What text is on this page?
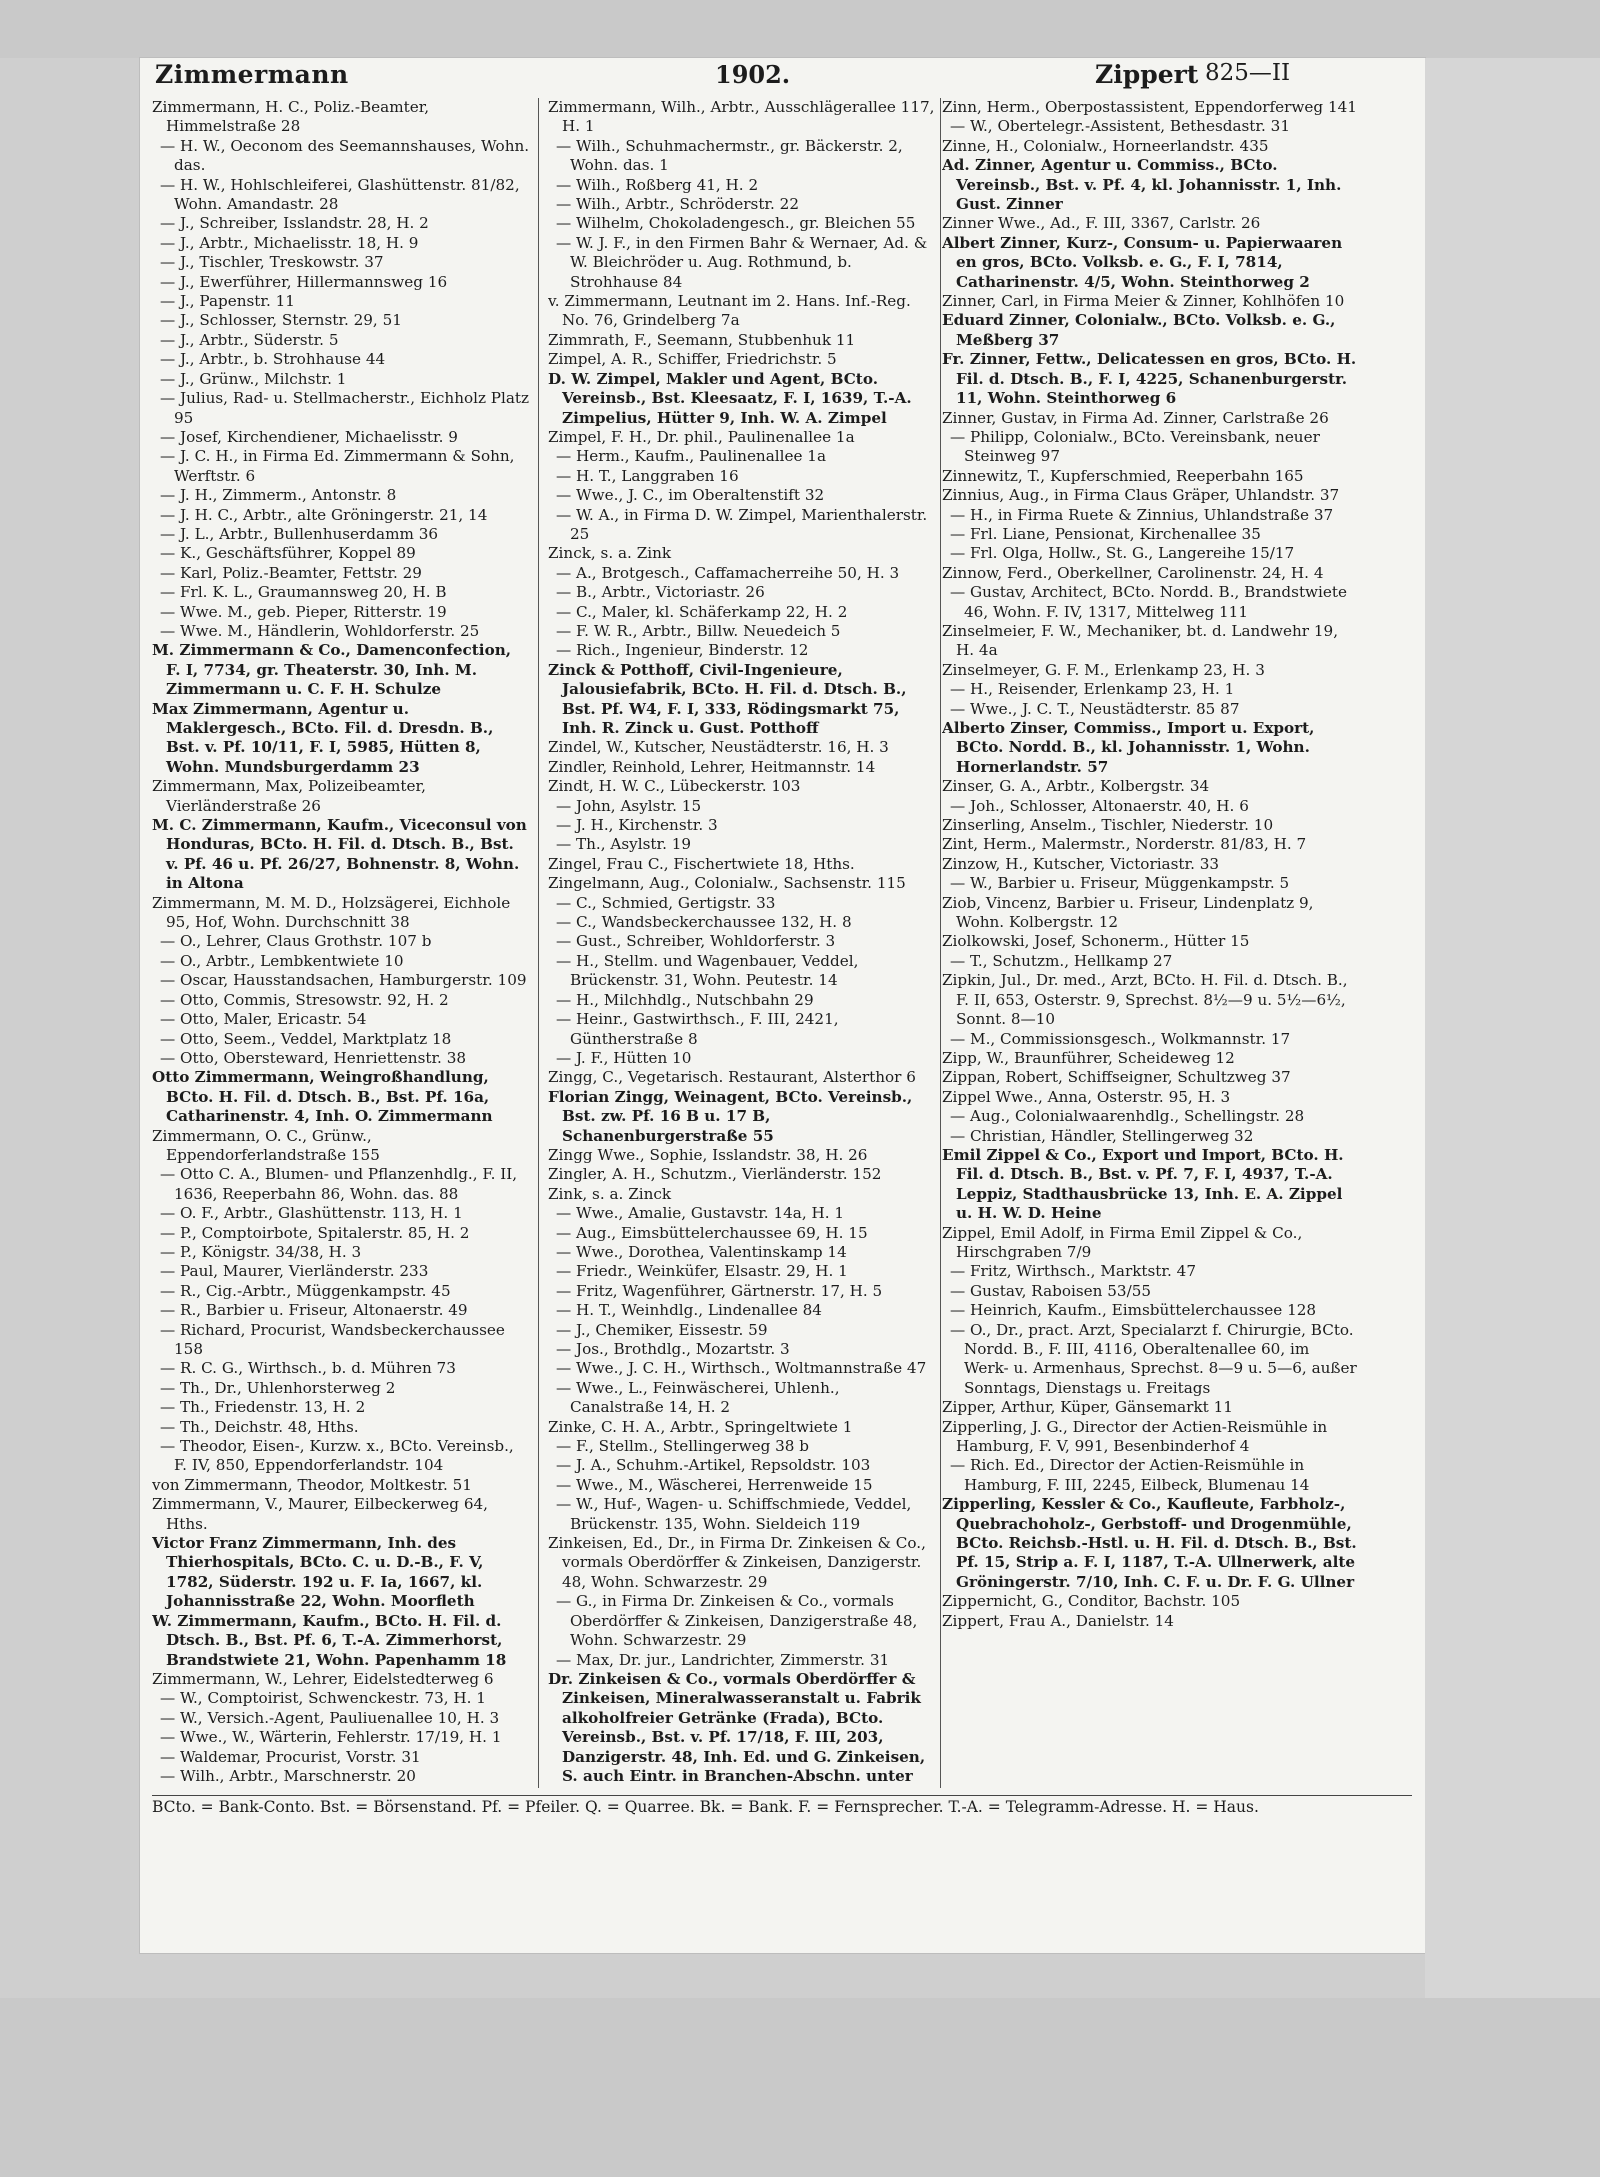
Zimmermann	1902.	Zippert 825—II

Zimmermann, H. C., Poliz.-Beamter, Himmelstraße 28

— H. W., Oeconom des Seemannshauses, Wohn. das.

— H. W., Hohlschleiferei, Glashüttenstr. 81/82, Wohn. Amandastr. 28

— J., Schreiber, Isslandstr. 28, H. 2

— J., Arbtr., Michaelisstr. 18, H. 9

— J., Tischler, Treskowstr. 37

— J., Ewerführer, Hillermannsweg 16

— J., Papenstr. 11

— J., Schlosser, Sternstr. 29, 51

— J., Arbtr., Süderstr. 5

— J., Arbtr., b. Strohhause 44

— J., Grünw., Milchstr. 1

— Julius, Rad- u. Stellmacherstr., Eichholz Platz 95

— Josef, Kirchendiener, Michaelisstr. 9

— J. C. H., in Firma Ed. Zimmermann & Sohn, Werftstr. 6

— J. H., Zimmerm., Antonstr. 8

— J. H. C., Arbtr., alte Gröningerstr. 21, 14

— J. L., Arbtr., Bullenhuserdamm 36

— K., Geschäftsführer, Koppel 89

— Karl, Poliz.-Beamter, Fettstr. 29

— Frl. K. L., Graumannsweg 20, H. B

— Wwe. M., geb. Pieper, Ritterstr. 19

— Wwe. M., Händlerin, Wohldorferstr. 25

M. Zimmermann & Co., Damenconfection, F. I, 7734, gr. Theaterstr. 30, Inh. M. Zimmermann u. C. F. H. Schulze

Max Zimmermann, Agentur u. Maklergesch., BCto. Fil. d. Dresdn. B., Bst. v. Pf. 10/11, F. I, 5985, Hütten 8, Wohn. Mundsburgerdamm 23

Zimmermann, Max, Polizeibeamter, Vierländerstraße 26

M. C. Zimmermann, Kaufm., Viceconsul von Honduras, BCto. H. Fil. d. Dtsch. B., Bst. v. Pf. 46 u. Pf. 26/27, Bohnenstr. 8, Wohn. in Altona

Zimmermann, M. M. D., Holzsägerei, Eichhole 95, Hof, Wohn. Durchschnitt 38

— O., Lehrer, Claus Grothstr. 107 b

— O., Arbtr., Lembkentwiete 10

— Oscar, Hausstandsachen, Hamburgerstr. 109

— Otto, Commis, Stresowstr. 92, H. 2

— Otto, Maler, Ericastr. 54

— Otto, Seem., Veddel, Marktplatz 18

— Otto, Obersteward, Henriettenstr. 38

Otto Zimmermann, Weingroßhandlung, BCto. H. Fil. d. Dtsch. B., Bst. Pf. 16a, Catharinenstr. 4, Inh. O. Zimmermann

Zimmermann, O. C., Grünw., Eppendorferlandstraße 155

— Otto C. A., Blumen- und Pflanzenhdlg., F. II, 1636, Reeperbahn 86, Wohn. das. 88

— O. F., Arbtr., Glashüttenstr. 113, H. 1

— P., Comptoirbote, Spitalerstr. 85, H. 2

— P., Königstr. 34/38, H. 3

— Paul, Maurer, Vierländerstr. 233

— R., Cig.-Arbtr., Müggenkampstr. 45

— R., Barbier u. Friseur, Altonaerstr. 49

— Richard, Procurist, Wandsbeckerchaussee 158

— R. C. G., Wirthsch., b. d. Mühren 73

— Th., Dr., Uhlenhorsterweg 2

— Th., Friedenstr. 13, H. 2

— Th., Deichstr. 48, Hths.

— Theodor, Eisen-, Kurzw. x., BCto. Vereinsb., F. IV, 850, Eppendorferlandstr. 104

von Zimmermann, Theodor, Moltkestr. 51

Zimmermann, V., Maurer, Eilbeckerweg 64, Hths.

Victor Franz Zimmermann, Inh. des Thierhospitals, BCto. C. u. D.-B., F. V, 1782, Süderstr. 192 u. F. Ia, 1667, kl. Johannisstraße 22, Wohn. Moorfleth

W. Zimmermann, Kaufm., BCto. H. Fil. d. Dtsch. B., Bst. Pf. 6, T.-A. Zimmerhorst, Brandstwiete 21, Wohn. Papenhamm 18

Zimmermann, W., Lehrer, Eidelstedterweg 6

— W., Comptoirist, Schwenckestr. 73, H. 1

— W., Versich.-Agent, Pauliuenallee 10, H. 3

— Wwe., W., Wärterin, Fehlerstr. 17/19, H. 1

— Waldemar, Procurist, Vorstr. 31

— Wilh., Arbtr., Marschnerstr. 20

Zimmermann, Wilh., Arbtr., Ausschlägerallee 117, H. 1

— Wilh., Schuhmachermstr., gr. Bäckerstr. 2, Wohn. das. 1

— Wilh., Roßberg 41, H. 2

— Wilh., Arbtr., Schröderstr. 22

— Wilhelm, Chokoladengesch., gr. Bleichen 55

— W. J. F., in den Firmen Bahr & Wernaer, Ad. & W. Bleichröder u. Aug. Rothmund, b. Strohhause 84

v. Zimmermann, Leutnant im 2. Hans. Inf.-Reg. No. 76, Grindelberg 7a

Zimmrath, F., Seemann, Stubbenhuk 11

Zimpel, A. R., Schiffer, Friedrichstr. 5

D. W. Zimpel, Makler und Agent, BCto. Vereinsb., Bst. Kleesaatz, F. I, 1639, T.-A. Zimpelius, Hütter 9, Inh. W. A. Zimpel

Zimpel, F. H., Dr. phil., Paulinenallee 1a

— Herm., Kaufm., Paulinenallee 1a

— H. T., Langgraben 16

— Wwe., J. C., im Oberaltenstift 32

— W. A., in Firma D. W. Zimpel, Marienthalerstr. 25

Zinck, s. a. Zink

— A., Brotgesch., Caffamacherreihe 50, H. 3

— B., Arbtr., Victoriastr. 26

— C., Maler, kl. Schäferkamp 22, H. 2

— F. W. R., Arbtr., Billw. Neuedeich 5

— Rich., Ingenieur, Binderstr. 12

Zinck & Potthoff, Civil-Ingenieure, Jalousiefabrik, BCto. H. Fil. d. Dtsch. B., Bst. Pf. W4, F. I, 333, Rödingsmarkt 75, Inh. R. Zinck u. Gust. Potthoff

Zindel, W., Kutscher, Neustädterstr. 16, H. 3

Zindler, Reinhold, Lehrer, Heitmannstr. 14

Zindt, H. W. C., Lübeckerstr. 103

— John, Asylstr. 15

— J. H., Kirchenstr. 3

— Th., Asylstr. 19

Zingel, Frau C., Fischertwiete 18, Hths.

Zingelmann, Aug., Colonialw., Sachsenstr. 115

— C., Schmied, Gertigstr. 33

— C., Wandsbeckerchaussee 132, H. 8

— Gust., Schreiber, Wohldorferstr. 3

— H., Stellm. und Wagenbauer, Veddel, Brückenstr. 31, Wohn. Peutestr. 14

— H., Milchhdlg., Nutschbahn 29

— Heinr., Gastwirthsch., F. III, 2421, Güntherstraße 8

— J. F., Hütten 10

Zingg, C., Vegetarisch. Restaurant, Alsterthor 6

Florian Zingg, Weinagent, BCto. Vereinsb., Bst. zw. Pf. 16 B u. 17 B, Schanenburgerstraße 55

Zingg Wwe., Sophie, Isslandstr. 38, H. 26

Zingler, A. H., Schutzm., Vierländerstr. 152

Zink, s. a. Zinck

— Wwe., Amalie, Gustavstr. 14a, H. 1

— Aug., Eimsbüttelerchaussee 69, H. 15

— Wwe., Dorothea, Valentinskamp 14

— Friedr., Weinküfer, Elsastr. 29, H. 1

— Fritz, Wagenführer, Gärtnerstr. 17, H. 5

— H. T., Weinhdlg., Lindenallee 84

— J., Chemiker, Eissestr. 59

— Jos., Brothdlg., Mozartstr. 3

— Wwe., J. C. H., Wirthsch., Woltmannstraße 47

— Wwe., L., Feinwäscherei, Uhlenh., Canalstraße 14, H. 2

Zinke, C. H. A., Arbtr., Springeltwiete 1

— F., Stellm., Stellingerweg 38 b

— J. A., Schuhm.-Artikel, Repsoldstr. 103

— Wwe., M., Wäscherei, Herrenweide 15

— W., Huf-, Wagen- u. Schiffschmiede, Veddel, Brückenstr. 135, Wohn. Sieldeich 119

Zinkeisen, Ed., Dr., in Firma Dr. Zinkeisen & Co., vormals Oberdörffer & Zinkeisen, Danzigerstr. 48, Wohn. Schwarzestr. 29

— G., in Firma Dr. Zinkeisen & Co., vormals Oberdörffer & Zinkeisen, Danzigerstraße 48, Wohn. Schwarzestr. 29

— Max, Dr. jur., Landrichter, Zimmerstr. 31

Dr. Zinkeisen & Co., vormals Oberdörffer & Zinkeisen, Mineralwasseranstalt u. Fabrik alkoholfreier Getränke (Frada), BCto. Vereinsb., Bst. v. Pf. 17/18, F. III, 203, Danzigerstr. 48, Inh. Ed. und G. Zinkeisen, S. auch Eintr. in Branchen-Abschn. unter

Zinn, Herm., Oberpostassistent, Eppendorferweg 141

— W., Obertelegr.-Assistent, Bethesdastr. 31

Zinne, H., Colonialw., Horneerlandstr. 435

Ad. Zinner, Agentur u. Commiss., BCto. Vereinsb., Bst. v. Pf. 4, kl. Johannisstr. 1, Inh. Gust. Zinner

Zinner Wwe., Ad., F. III, 3367, Carlstr. 26

Albert Zinner, Kurz-, Consum- u. Papierwaaren en gros, BCto. Volksb. e. G., F. I, 7814, Catharinenstr. 4/5, Wohn. Steinthorweg 2

Zinner, Carl, in Firma Meier & Zinner, Kohlhöfen 10

Eduard Zinner, Colonialw., BCto. Volksb. e. G., Meßberg 37

Fr. Zinner, Fettw., Delicatessen en gros, BCto. H. Fil. d. Dtsch. B., F. I, 4225, Schanenburgerstr. 11, Wohn. Steinthorweg 6

Zinner, Gustav, in Firma Ad. Zinner, Carlstraße 26

— Philipp, Colonialw., BCto. Vereinsbank, neuer Steinweg 97

Zinnewitz, T., Kupferschmied, Reeperbahn 165

Zinnius, Aug., in Firma Claus Gräper, Uhlandstr. 37

— H., in Firma Ruete & Zinnius, Uhlandstraße 37

— Frl. Liane, Pensionat, Kirchenallee 35

— Frl. Olga, Hollw., St. G., Langereihe 15/17

Zinnow, Ferd., Oberkellner, Carolinenstr. 24, H. 4

— Gustav, Architect, BCto. Nordd. B., Brandstwiete 46, Wohn. F. IV, 1317, Mittelweg 111

Zinselmeier, F. W., Mechaniker, bt. d. Landwehr 19, H. 4a

Zinselmeyer, G. F. M., Erlenkamp 23, H. 3

— H., Reisender, Erlenkamp 23, H. 1

— Wwe., J. C. T., Neustädterstr. 85 87

Alberto Zinser, Commiss., Import u. Export, BCto. Nordd. B., kl. Johannisstr. 1, Wohn. Hornerlandstr. 57

Zinser, G. A., Arbtr., Kolbergstr. 34

— Joh., Schlosser, Altonaerstr. 40, H. 6

Zinserling, Anselm., Tischler, Niederstr. 10

Zint, Herm., Malermstr., Norderstr. 81/83, H. 7

Zinzow, H., Kutscher, Victoriastr. 33

— W., Barbier u. Friseur, Müggenkampstr. 5

Ziob, Vincenz, Barbier u. Friseur, Lindenplatz 9, Wohn. Kolbergstr. 12

Ziolkowski, Josef, Schonerm., Hütter 15

— T., Schutzm., Hellkamp 27

Zipkin, Jul., Dr. med., Arzt, BCto. H. Fil. d. Dtsch. B., F. II, 653, Osterstr. 9, Sprechst. 8½—9 u. 5½—6½, Sonnt. 8—10

— M., Commissionsgesch., Wolkmannstr. 17

Zipp, W., Braunführer, Scheideweg 12

Zippan, Robert, Schiffseigner, Schultzweg 37

Zippel Wwe., Anna, Osterstr. 95, H. 3

— Aug., Colonialwaarenhdlg., Schellingstr. 28

— Christian, Händler, Stellingerweg 32

Emil Zippel & Co., Export und Import, BCto. H. Fil. d. Dtsch. B., Bst. v. Pf. 7, F. I, 4937, T.-A. Leppiz, Stadthausbrücke 13, Inh. E. A. Zippel u. H. W. D. Heine

Zippel, Emil Adolf, in Firma Emil Zippel & Co., Hirschgraben 7/9

— Fritz, Wirthsch., Marktstr. 47

— Gustav, Raboisen 53/55

— Heinrich, Kaufm., Eimsbüttelerchaussee 128

— O., Dr., pract. Arzt, Specialarzt f. Chirurgie, BCto. Nordd. B., F. III, 4116, Oberaltenallee 60, im Werk- u. Armenhaus, Sprechst. 8—9 u. 5—6, außer Sonntags, Dienstags u. Freitags

Zipper, Arthur, Küper, Gänsemarkt 11

Zipperling, J. G., Director der Actien-Reismühle in Hamburg, F. V, 991, Besenbinderhof 4

— Rich. Ed., Director der Actien-Reismühle in Hamburg, F. III, 2245, Eilbeck, Blumenau 14

Zipperling, Kessler & Co., Kaufleute, Farbholz-, Quebrachoholz-, Gerbstoff- und Drogenmühle, BCto. Reichsb.-Hstl. u. H. Fil. d. Dtsch. B., Bst. Pf. 15, Strip a. F. I, 1187, T.-A. Ullnerwerk, alte Gröningerstr. 7/10, Inh. C. F. u. Dr. F. G. Ullner

Zippernicht, G., Conditor, Bachstr. 105

Zippert, Frau A., Danielstr. 14

BCto. = Bank-Conto. Bst. = Börsenstand. Pf. = Pfeiler. Q. = Quarree. Bk. = Bank. F. = Fernsprecher. T.-A. = Telegramm-Adresse. H. = Haus.
